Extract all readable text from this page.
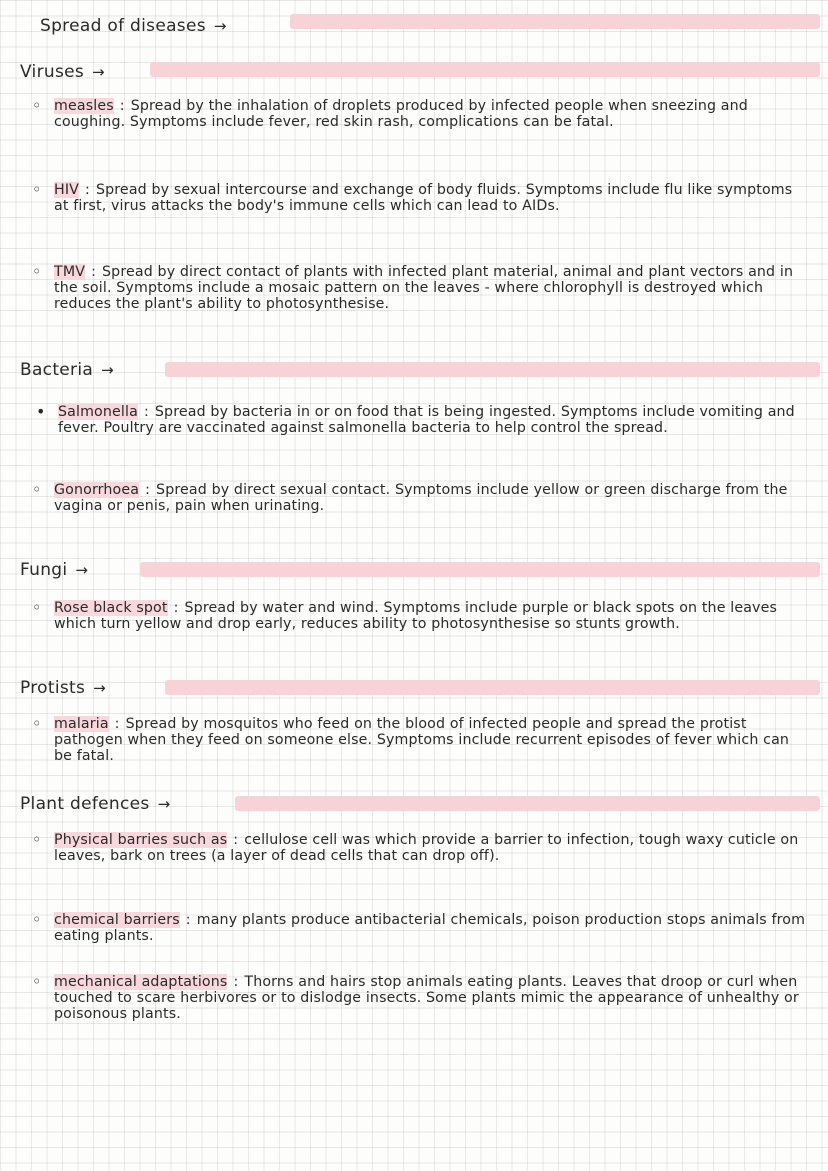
Spread of diseases →
Viruses →
◦ measles : Spread by the inhalation of droplets produced by infected people when sneezing and coughing. Symptoms include fever, red skin rash, complications can be fatal.

◦ HIV : Spread by sexual intercourse and exchange of body fluids. Symptoms include flu like symptoms at first, virus attacks the body's immune cells which can lead to AIDs.

◦ TMV : Spread by direct contact of plants with infected plant material, animal and plant vectors and in the soil. Symptoms include a mosaic pattern on the leaves - where chlorophyll is destroyed which reduces the plant's ability to photosynthesise.

Bacteria →
• Salmonella : Spread by bacteria in or on food that is being ingested. Symptoms include vomiting and fever. Poultry are vaccinated against salmonella bacteria to help control the spread.

◦ Gonorrhoea : Spread by direct sexual contact. Symptoms include yellow or green discharge from the vagina or penis, pain when urinating.

Fungi →
◦ Rose black spot : Spread by water and wind. Symptoms include purple or black spots on the leaves which turn yellow and drop early, reduces ability to photosynthesise so stunts growth.

Protists →
◦ malaria : Spread by mosquitos who feed on the blood of infected people and spread the protist pathogen when they feed on someone else. Symptoms include recurrent episodes of fever which can be fatal.

Plant defences →
◦ Physical barries such as : cellulose cell was which provide a barrier to infection, tough waxy cuticle on leaves, bark on trees (a layer of dead cells that can drop off).

◦ chemical barriers : many plants produce antibacterial chemicals, poison production stops animals from eating plants.

◦ mechanical adaptations : Thorns and hairs stop animals eating plants. Leaves that droop or curl when touched to scare herbivores or to dislodge insects. Some plants mimic the appearance of unhealthy or poisonous plants.
